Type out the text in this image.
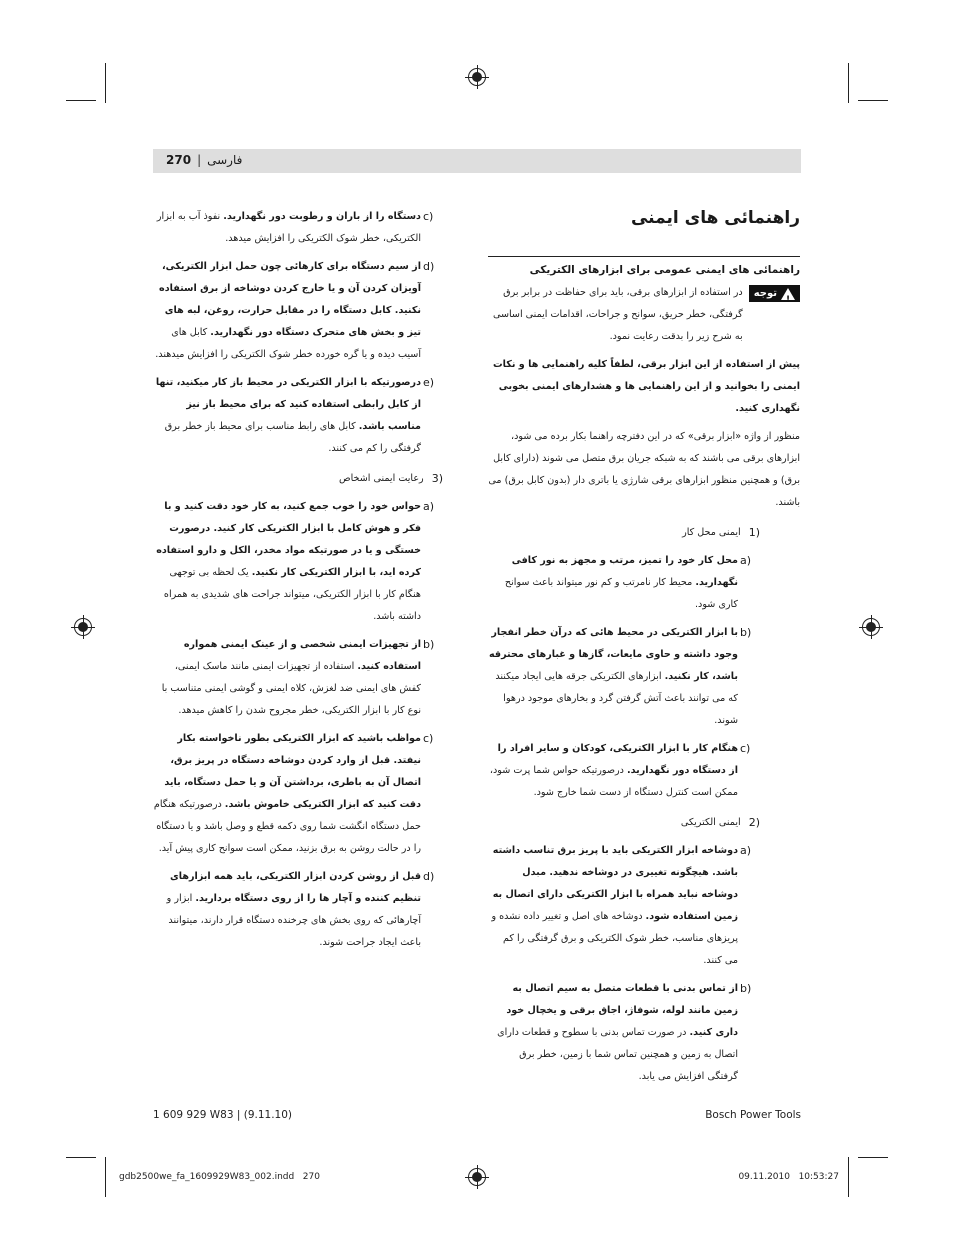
270 | فارسی
راهنمائی های ایمنی
راهنمائی های ایمنی عمومی برای ابزارهای الکتریکی
!
توجه
در استفاده از ابزارهای برقی، باید برای حفاظت در برابر برق گرفتگی، خطر حریق، سوانح و جراحات، اقدامات ایمنی اساسی به شرح زیر را بدقت رعایت نمود.

پیش از استفاده از این ابزار برقی، لطفاً کلیه راهنمایی ها و نکات ایمنی را بخوانید و از این راهنمایی ها و هشدارهای ایمنی بخوبی نگهداری کنید.

منظور از واژه «ابزار برقی» که در این دفترچه راهنما بکار برده می شود، ابزارهای برقی می باشند که به شبکه جریان برق متصل می شوند (دارای کابل برق) و همچنین منظور ابزارهای برقی شارژی یا باتری دار (بدون کابل برق) می باشند.

1)
ایمنی محل کار
a)
محل کار خود را تمیز، مرتب و مجهز به نور کافی نگهدارید. محیط کار نامرتب و کم نور میتواند باعث سوانح کاری شود.
b)
با ابزار الکتریکی در محیط هائی که درآن خطر انفجار وجود داشته و حاوی مایعات، گازها و غبارهای محترقه باشد، کار نکنید. ابزارهای الکتریکی جرقه هایی ایجاد میکنند که می توانند باعث آتش گرفتن گرد و بخارهای موجود درهوا شوند.
c)
هنگام کار با ابزار الکتریکی، کودکان و سایر افراد را از دستگاه دور نگهدارید. درصورتیکه حواس شما پرت شود، ممکن است کنترل دستگاه از دست شما خارج شود.
2)
ایمنی الکتریکی
a)
دوشاخه ابزار الکتریکی باید با پریز برق تناسب داشته باشد. هیچگونه تغییری در دوشاخه ندهید. مبدل دوشاخه نباید همراه با ابزار الکتریکی دارای اتصال به زمین استفاده شود. دوشاخه های اصل و تغییر داده نشده و پریزهای مناسب، خطر شوک الکتریکی و برق گرفتگی را کم می کنند.
b)
از تماس بدنی با قطعات متصل به سیم اتصال به زمین مانند لوله، شوفاژ، اجاق برقی و یخچال خود داری کنید. در صورت تماس بدنی با سطوح و قطعات دارای اتصال به زمین و همچنین تماس شما با زمین، خطر برق گرفتگی افزایش می یابد.
c)
دستگاه را از باران و رطوبت دور نگهدارید. نفوذ آب به ابزار الکتریکی، خطر شوک الکتریکی را افزایش میدهد.
d)
از سیم دستگاه برای کارهائی چون حمل ابزار الکتریکی، آویزان کردن آن و یا خارج کردن دوشاخه از برق استفاده نکنید. کابل دستگاه را در مقابل حرارت، روغن، لبه های تیز و بخش های متحرک دستگاه دور نگهدارید. کابل های آسیب دیده و یا گره خورده خطر شوک الکتریکی را افزایش میدهند.
e)
درصورتیکه با ابزار الکتریکی در محیط باز کار میکنید، تنها از کابل رابطی استفاده کنید که برای محیط باز نیز مناسب باشد. کابل های رابط مناسب برای محیط باز خطر برق گرفتگی را کم می کنند.
3)
رعایت ایمنی اشخاص
a)
حواس خود را خوب جمع کنید، به کار خود دقت کنید و با فکر و هوش کامل با ابزار الکتریکی کار کنید. درصورت خستگی و یا در صورتیکه مواد مخدر، الکل و دارو استفاده کرده اید، با ابزار الکتریکی کار نکنید. یک لحظه بی توجهی هنگام کار با ابزار الکتریکی، میتواند جراحت های شدیدی به همراه داشته باشد.
b)
از تجهیزات ایمنی شخصی و از عینک ایمنی همواره استفاده کنید. استفاده از تجهیزات ایمنی مانند ماسک ایمنی، کفش های ایمنی ضد لغزش، کلاه ایمنی و گوشی ایمنی متناسب با نوع کار با ابزار الکتریکی، خطر مجروح شدن را کاهش میدهد.
c)
مواظب باشید که ابزار الکتریکی بطور ناخواسته بکار نیفتد. قبل از وارد کردن دوشاخه دستگاه در پریز برق، اتصال آن به باطری، برداشتن آن و یا حمل دستگاه، باید دقت کنید که ابزار الکتریکی خاموش باشد. درصورتیکه هنگام حمل دستگاه انگشت شما روی دکمه قطع و وصل باشد و یا دستگاه را در حالت روشن به برق بزنید، ممکن است سوانح کاری پیش آید.
d)
قبل از روشن کردن ابزار الکتریکی، باید همه ابزارهای تنظیم کننده و آچار ها را از روی دستگاه بردارید. ابزار و آچارهائی که روی بخش های چرخنده دستگاه قرار دارند، میتوانند باعث ایجاد جراحت شوند.
1 609 929 W83 | (9.11.10)	Bosch Power Tools
gdb2500we_fa_1609929W83_002.indd   270	09.11.2010   10:53:27
